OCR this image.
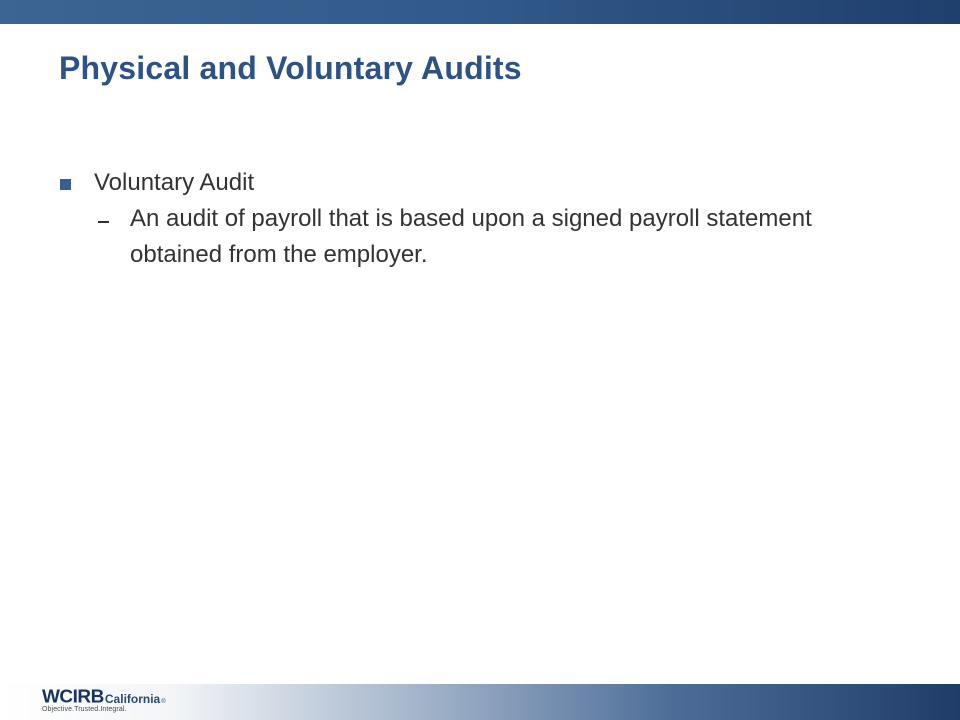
Physical and Voluntary Audits
Voluntary Audit
An audit of payroll that is based upon a signed payroll statement obtained from the employer.
WCIRB California ®
Objective.Trusted.Integral.
